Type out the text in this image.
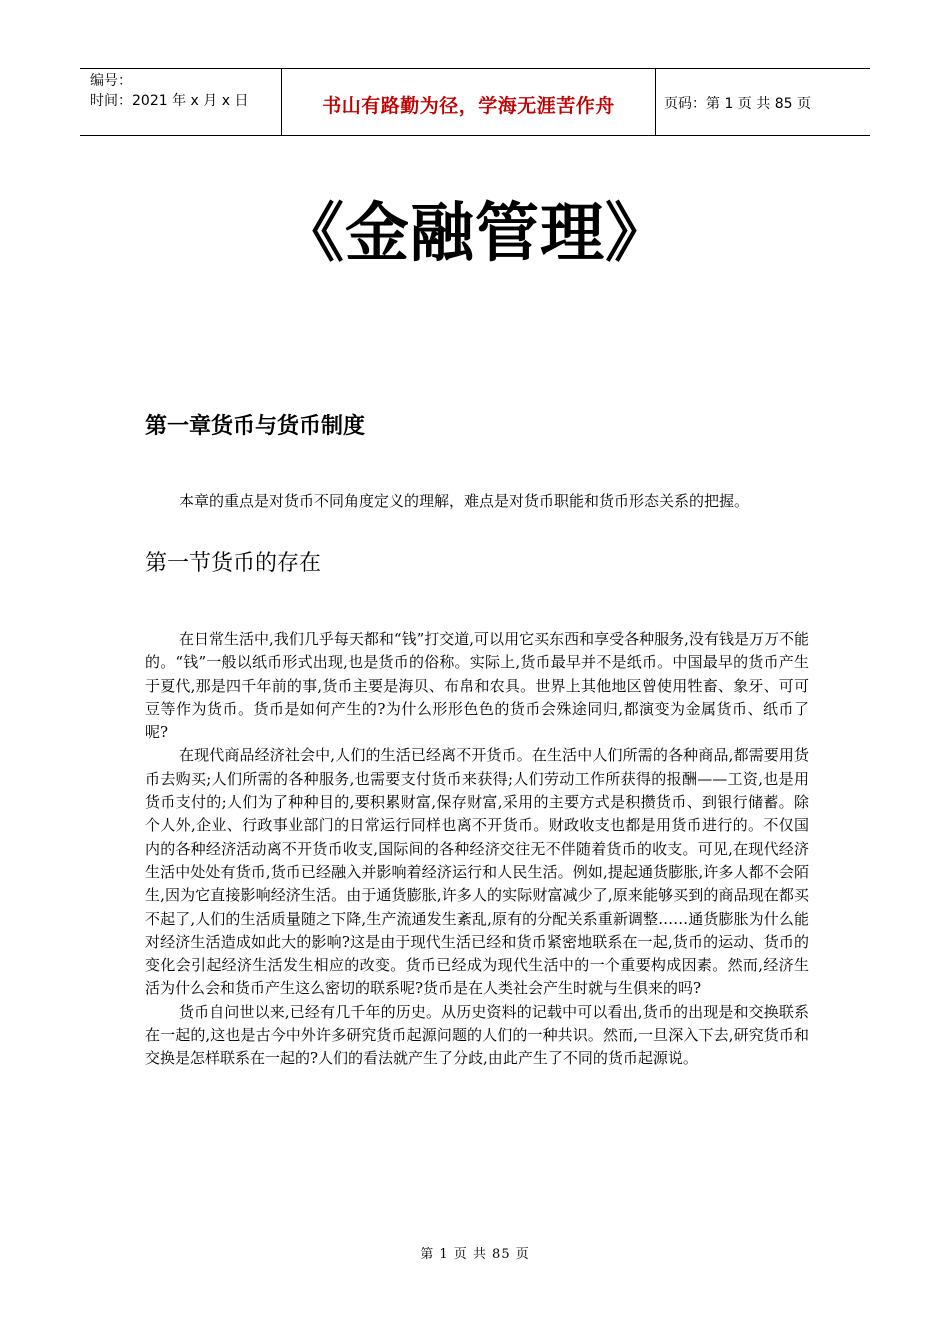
编号：
时间：2021 年 x 月 x 日	书山有路勤为径，学海无涯苦作舟	页码：第 1 页 共 85 页
《金融管理》
第一章货币与货币制度
本章的重点是对货币不同角度定义的理解，难点是对货币职能和货币形态关系的把握。
第一节货币的存在

在日常生活中,我们几乎每天都和“钱”打交道,可以用它买东西和享受各种服务,没有钱是万万不能的。“钱”一般以纸币形式出现,也是货币的俗称。实际上,货币最早并不是纸币。中国最早的货币产生于夏代,那是四千年前的事,货币主要是海贝、布帛和农具。世界上其他地区曾使用牲畜、象牙、可可豆等作为货币。货币是如何产生的?为什么形形色色的货币会殊途同归,都演变为金属货币、纸币了呢?

在现代商品经济社会中,人们的生活已经离不开货币。在生活中人们所需的各种商品,都需要用货币去购买;人们所需的各种服务,也需要支付货币来获得;人们劳动工作所获得的报酬——工资,也是用货币支付的;人们为了种种目的,要积累财富,保存财富,采用的主要方式是积攒货币、到银行储蓄。除个人外,企业、行政事业部门的日常运行同样也离不开货币。财政收支也都是用货币进行的。不仅国内的各种经济活动离不开货币收支,国际间的各种经济交往无不伴随着货币的收支。可见,在现代经济生活中处处有货币,货币已经融入并影响着经济运行和人民生活。例如,提起通货膨胀,许多人都不会陌生,因为它直接影响经济生活。由于通货膨胀,许多人的实际财富减少了,原来能够买到的商品现在都买不起了,人们的生活质量随之下降,生产流通发生紊乱,原有的分配关系重新调整……通货膨胀为什么能对经济生活造成如此大的影响?这是由于现代生活已经和货币紧密地联系在一起,货币的运动、货币的变化会引起经济生活发生相应的改变。货币已经成为现代生活中的一个重要构成因素。然而,经济生活为什么会和货币产生这么密切的联系呢?货币是在人类社会产生时就与生俱来的吗?

货币自问世以来,已经有几千年的历史。从历史资料的记载中可以看出,货币的出现是和交换联系在一起的,这也是古今中外许多研究货币起源问题的人们的一种共识。然而,一旦深入下去,研究货币和交换是怎样联系在一起的?人们的看法就产生了分歧,由此产生了不同的货币起源说。

第 1 页 共 85 页
